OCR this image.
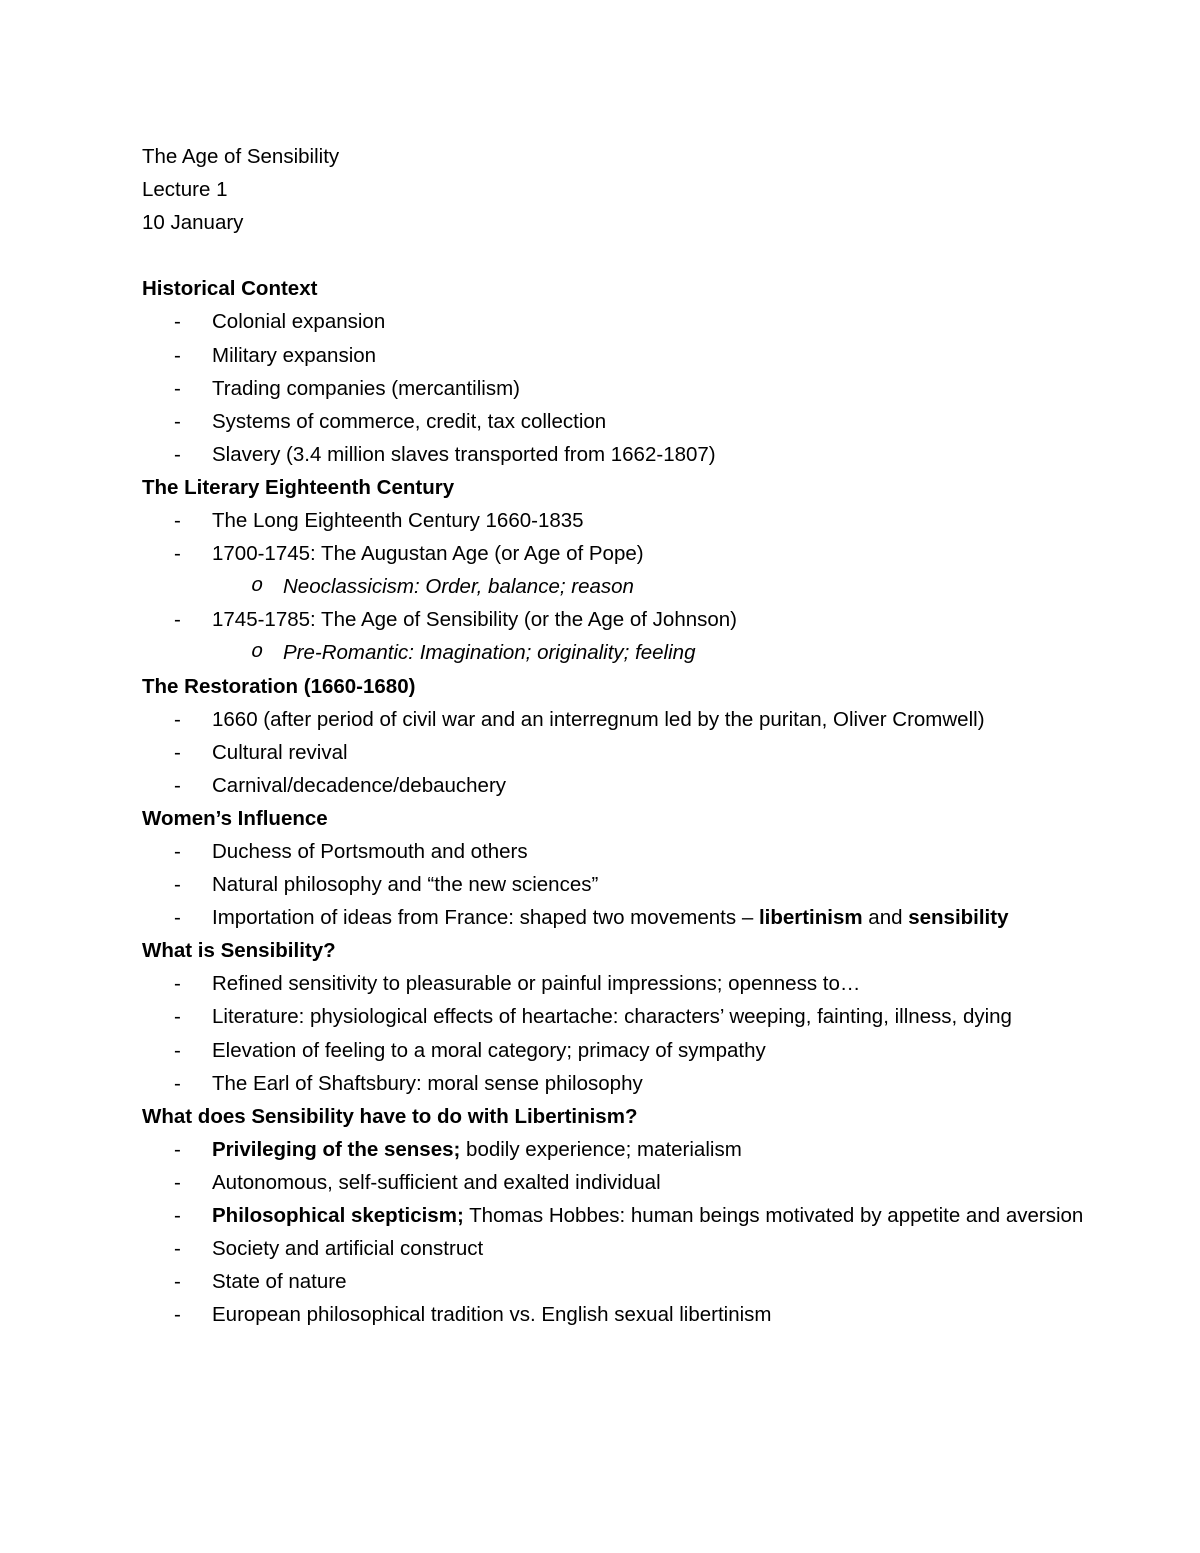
The Age of Sensibility
Lecture 1
10 January
Historical Context
- Colonial expansion
- Military expansion
- Trading companies (mercantilism)
- Systems of commerce, credit, tax collection
- Slavery (3.4 million slaves transported from 1662-1807)
The Literary Eighteenth Century
- The Long Eighteenth Century 1660-1835
- 1700-1745: The Augustan Age (or Age of Pope)
o Neoclassicism: Order, balance; reason
- 1745-1785: The Age of Sensibility (or the Age of Johnson)
o Pre-Romantic: Imagination; originality; feeling
The Restoration (1660-1680)
- 1660 (after period of civil war and an interregnum led by the puritan, Oliver Cromwell)
- Cultural revival
- Carnival/decadence/debauchery
Women’s Influence
- Duchess of Portsmouth and others
- Natural philosophy and “the new sciences”
- Importation of ideas from France: shaped two movements – libertinism and sensibility
What is Sensibility?
- Refined sensitivity to pleasurable or painful impressions; openness to…
- Literature: physiological effects of heartache: characters’ weeping, fainting, illness, dying
- Elevation of feeling to a moral category; primacy of sympathy
- The Earl of Shaftsbury: moral sense philosophy
What does Sensibility have to do with Libertinism?
- Privileging of the senses; bodily experience; materialism
- Autonomous, self-sufficient and exalted individual
- Philosophical skepticism; Thomas Hobbes: human beings motivated by appetite and aversion
- Society and artificial construct
- State of nature
- European philosophical tradition vs. English sexual libertinism
